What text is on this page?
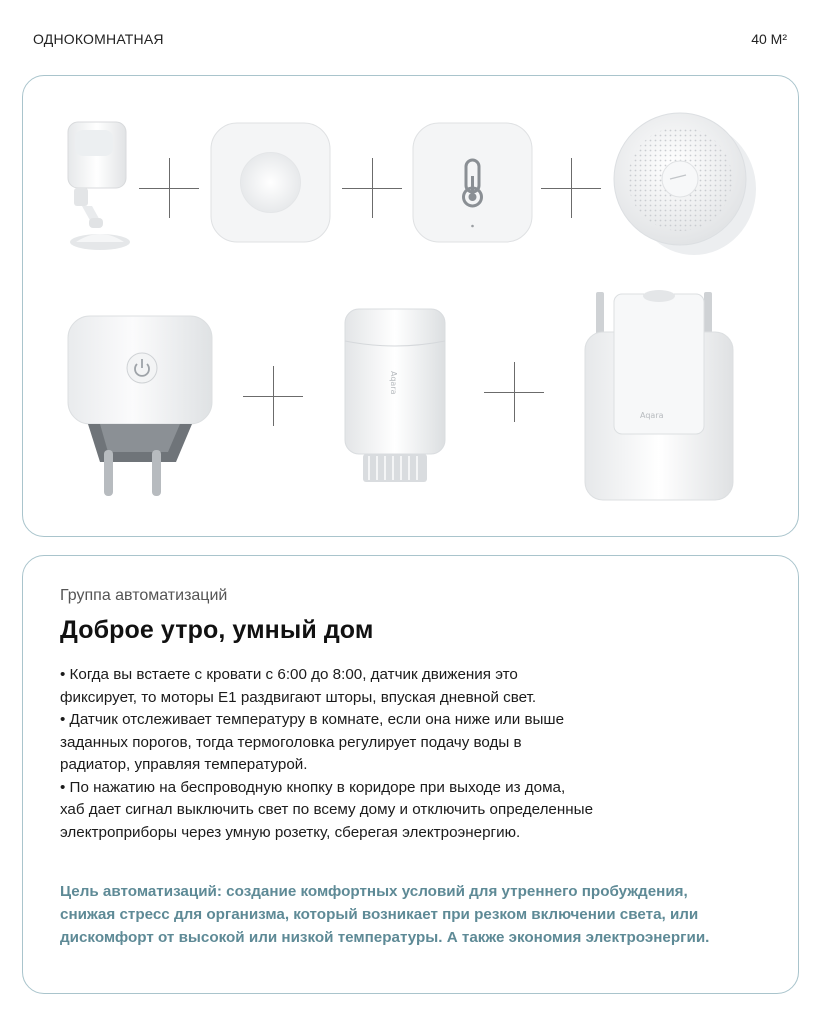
ОДНОКОМНАТНАЯ	40 М²
Aqara
Aqara
Группа автоматизаций
Доброе утро, умный дом
• Когда вы встаете с кровати с 6:00 до 8:00, датчик движения это
фиксирует, то моторы E1 раздвигают шторы, впуская дневной свет.
• Датчик отслеживает температуру в комнате, если она ниже или выше
заданных порогов, тогда термоголовка регулирует подачу воды в
радиатор, управляя температурой.
• По нажатию на беспроводную кнопку в коридоре при выходе из дома,
хаб дает сигнал выключить свет по всему дому и отключить определенные
электроприборы через умную розетку, сберегая электроэнергию.
Цель автоматизаций: создание комфортных условий для утреннего пробуждения,
снижая стресс для организма, который возникает при резком включении света, или
дискомфорт от высокой или низкой температуры. А также экономия электроэнергии.
